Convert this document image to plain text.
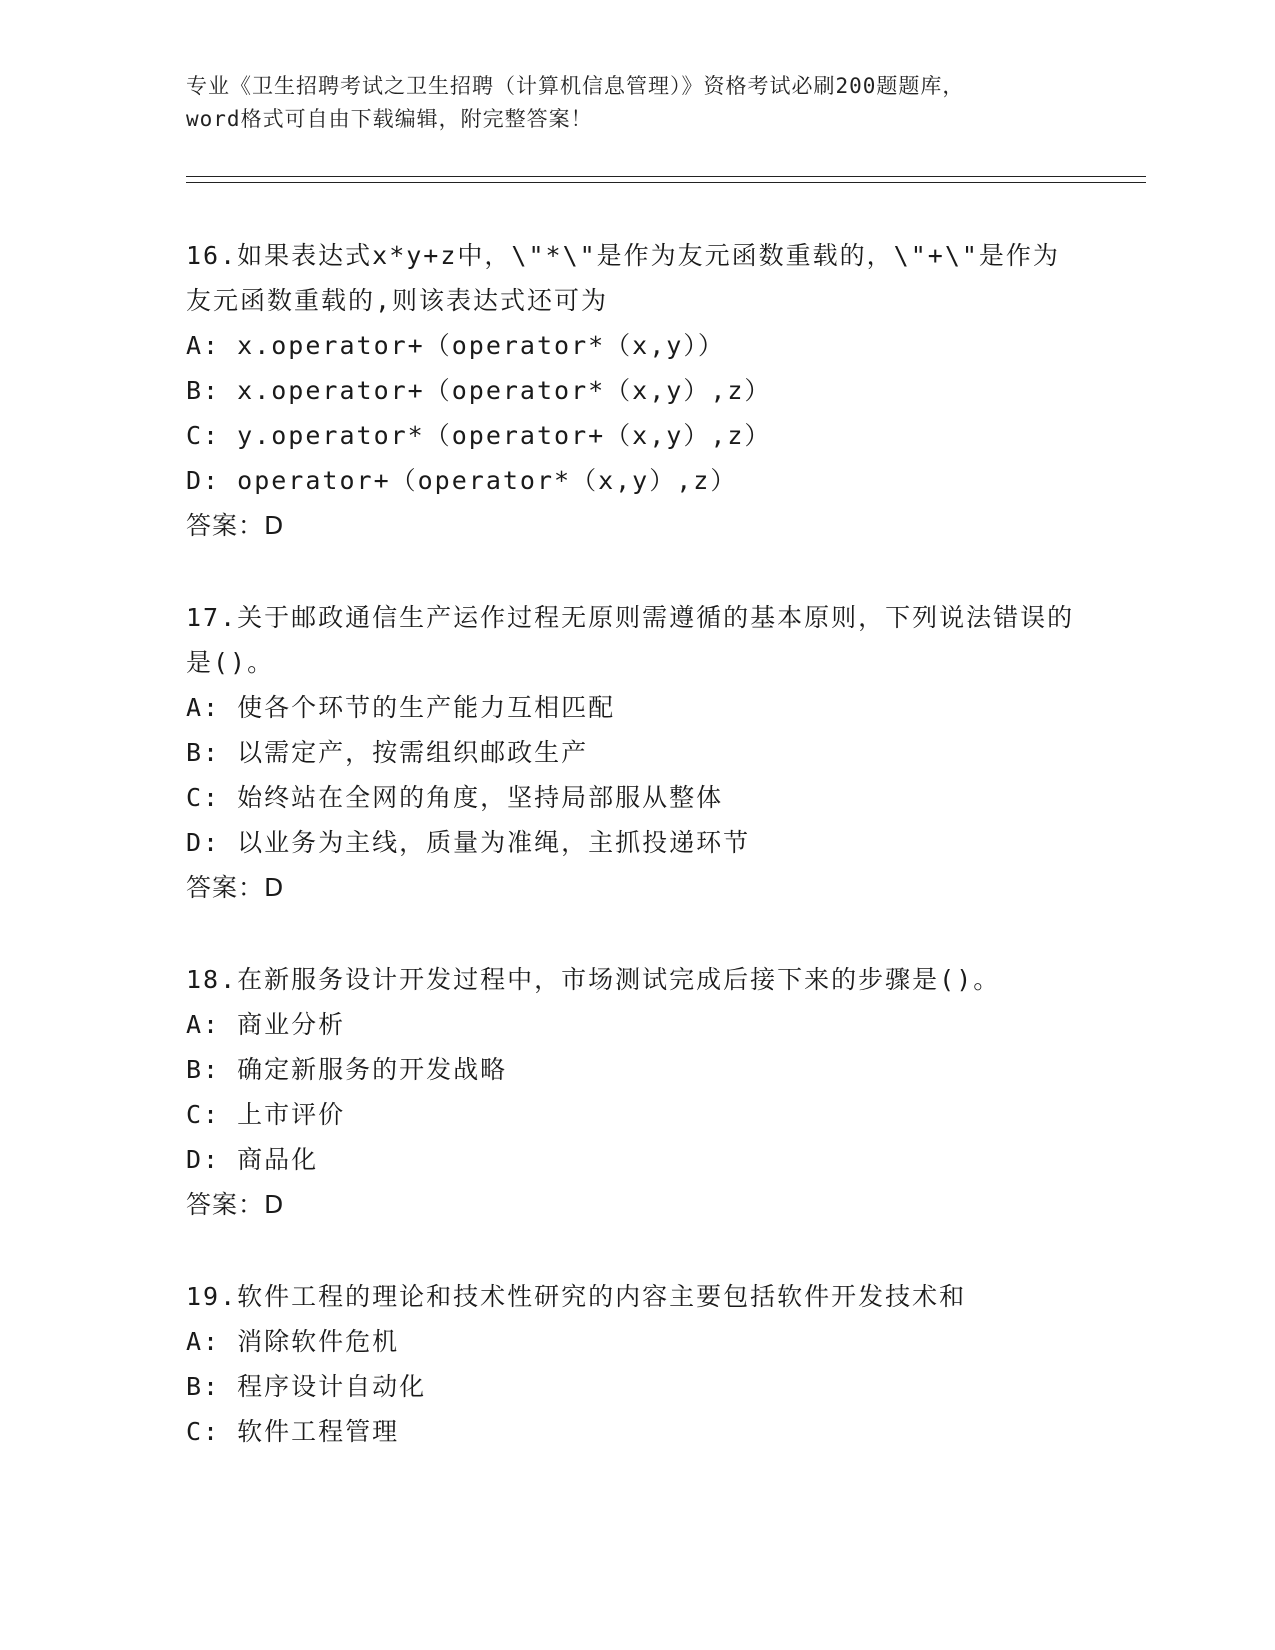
专业《卫生招聘考试之卫生招聘（计算机信息管理）》资格考试必刷200题题库，
word格式可自由下载编辑，附完整答案！

16.如果表达式x*y+z中，\"*\"是作为友元函数重载的，\"+\"是作为友元函数重载的,则该表达式还可为

A: x.operator+（operator*（x,y））

B: x.operator+（operator*（x,y）,z）

C: y.operator*（operator+（x,y）,z）

D: operator+（operator*（x,y）,z）

答案：D

17.关于邮政通信生产运作过程无原则需遵循的基本原则，下列说法错误的是()。

A: 使各个环节的生产能力互相匹配

B: 以需定产，按需组织邮政生产

C: 始终站在全网的角度，坚持局部服从整体

D: 以业务为主线，质量为准绳，主抓投递环节

答案：D

18.在新服务设计开发过程中，市场测试完成后接下来的步骤是()。

A: 商业分析

B: 确定新服务的开发战略

C: 上市评价

D: 商品化

答案：D

19.软件工程的理论和技术性研究的内容主要包括软件开发技术和

A: 消除软件危机

B: 程序设计自动化

C: 软件工程管理
